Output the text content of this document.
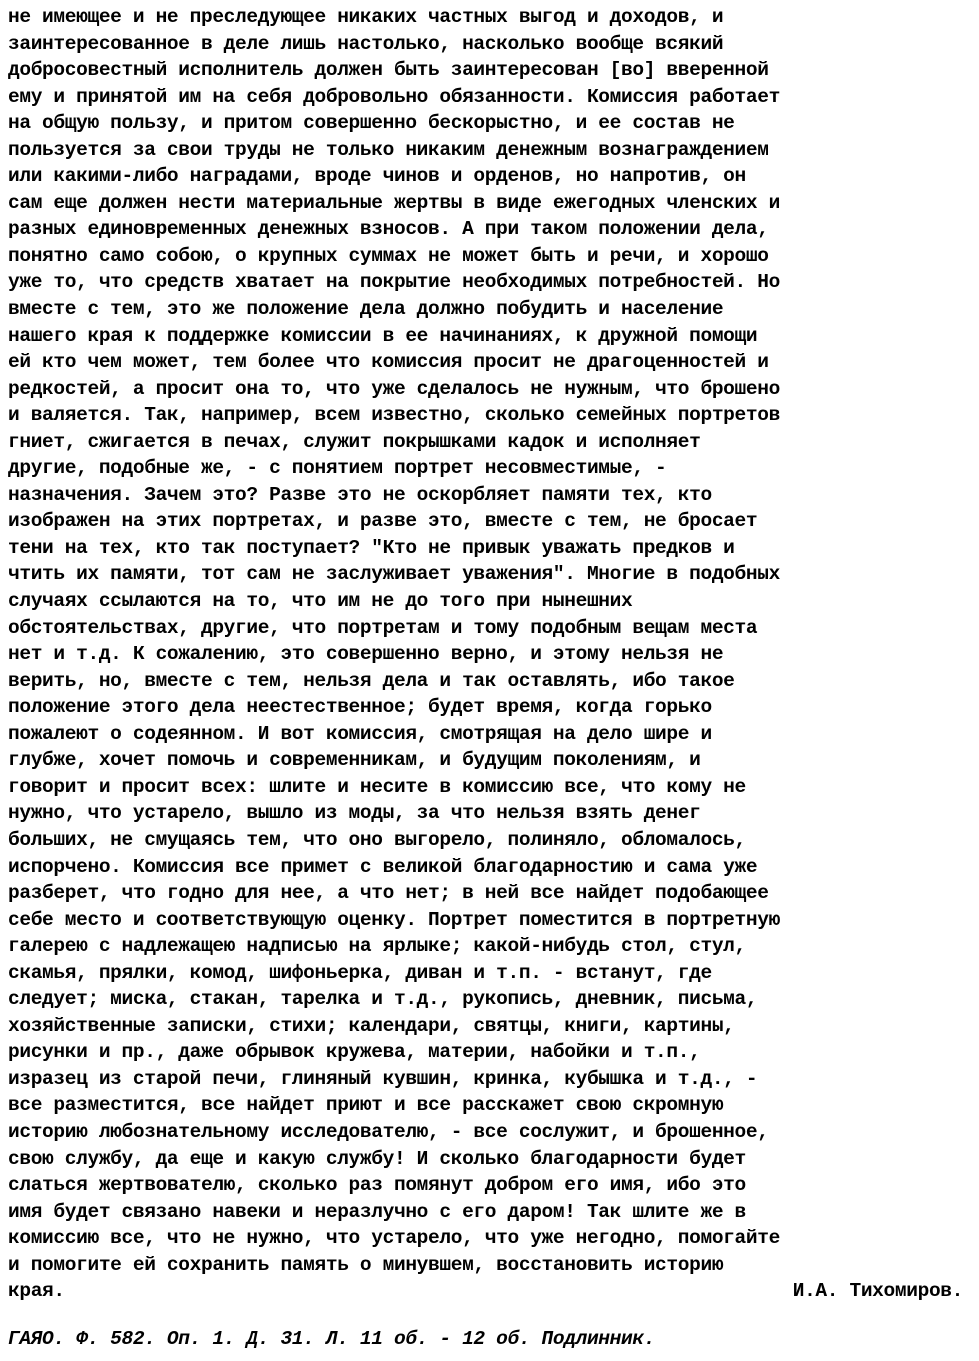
не имеющее и не преследующее никаких частных выгод и доходов, и
заинтересованное в деле лишь настолько, насколько вообще всякий
добросовестный исполнитель должен быть заинтересован [во] вверенной
ему и принятой им на себя добровольно обязанности. Комиссия работает
на общую пользу, и притом совершенно бескорыстно, и ее состав не
пользуется за свои труды не только никаким денежным вознаграждением
или какими-либо наградами, вроде чинов и орденов, но напротив, он
сам еще должен нести материальные жертвы в виде ежегодных членских и
разных единовременных денежных взносов. А при таком положении дела,
понятно само собою, о крупных суммах не может быть и речи, и хорошо
уже то, что средств хватает на покрытие необходимых потребностей. Но
вместе с тем, это же положение дела должно побудить и население
нашего края к поддержке комиссии в ее начинаниях, к дружной помощи
ей кто чем может, тем более что комиссия просит не драгоценностей и
редкостей, а просит она то, что уже сделалось не нужным, что брошено
и валяется. Так, например, всем известно, сколько семейных портретов
гниет, сжигается в печах, служит покрышками кадок и исполняет
другие, подобные же, - с понятием портрет несовместимые, -
назначения. Зачем это? Разве это не оскорбляет памяти тех, кто
изображен на этих портретах, и разве это, вместе с тем, не бросает
тени на тех, кто так поступает? "Кто не привык уважать предков и
чтить их памяти, тот сам не заслуживает уважения". Многие в подобных
случаях ссылаются на то, что им не до того при нынешних
обстоятельствах, другие, что портретам и тому подобным вещам места
нет и т.д. К сожалению, это совершенно верно, и этому нельзя не
верить, но, вместе с тем, нельзя дела и так оставлять, ибо такое
положение этого дела неестественное; будет время, когда горько
пожалеют о содеянном. И вот комиссия, смотрящая на дело шире и
глубже, хочет помочь и современникам, и будущим поколениям, и
говорит и просит всех: шлите и несите в комиссию все, что кому не
нужно, что устарело, вышло из моды, за что нельзя взять денег
больших, не смущаясь тем, что оно выгорело, полиняло, обломалось,
испорчено. Комиссия все примет с великой благодарностию и сама уже
разберет, что годно для нее, а что нет; в ней все найдет подобающее
себе место и соответствующую оценку. Портрет поместится в портретную
галерею с надлежащею надписью на ярлыке; какой-нибудь стол, стул,
скамья, прялки, комод, шифоньерка, диван и т.п. - встанут, где
следует; миска, стакан, тарелка и т.д., рукопись, дневник, письма,
хозяйственные записки, стихи; календари, святцы, книги, картины,
рисунки и пр., даже обрывок кружева, материи, набойки и т.п.,
изразец из старой печи, глиняный кувшин, кринка, кубышка и т.д., -
все разместится, все найдет приют и все расскажет свою скромную
историю любознательному исследователю, - все сослужит, и брошенное,
свою службу, да еще и какую службу! И сколько благодарности будет
слаться жертвователю, сколько раз помянут добром его имя, ибо это
имя будет связано навеки и неразлучно с его даром! Так шлите же в
комиссию все, что не нужно, что устарело, что уже негодно, помогайте
и помогите ей сохранить память о минувшем, восстановить историю
края.	И.А. Тихомиров.
ГАЯО. Ф. 582. Оп. 1. Д. 31. Л. 11 об. - 12 об. Подлинник.
